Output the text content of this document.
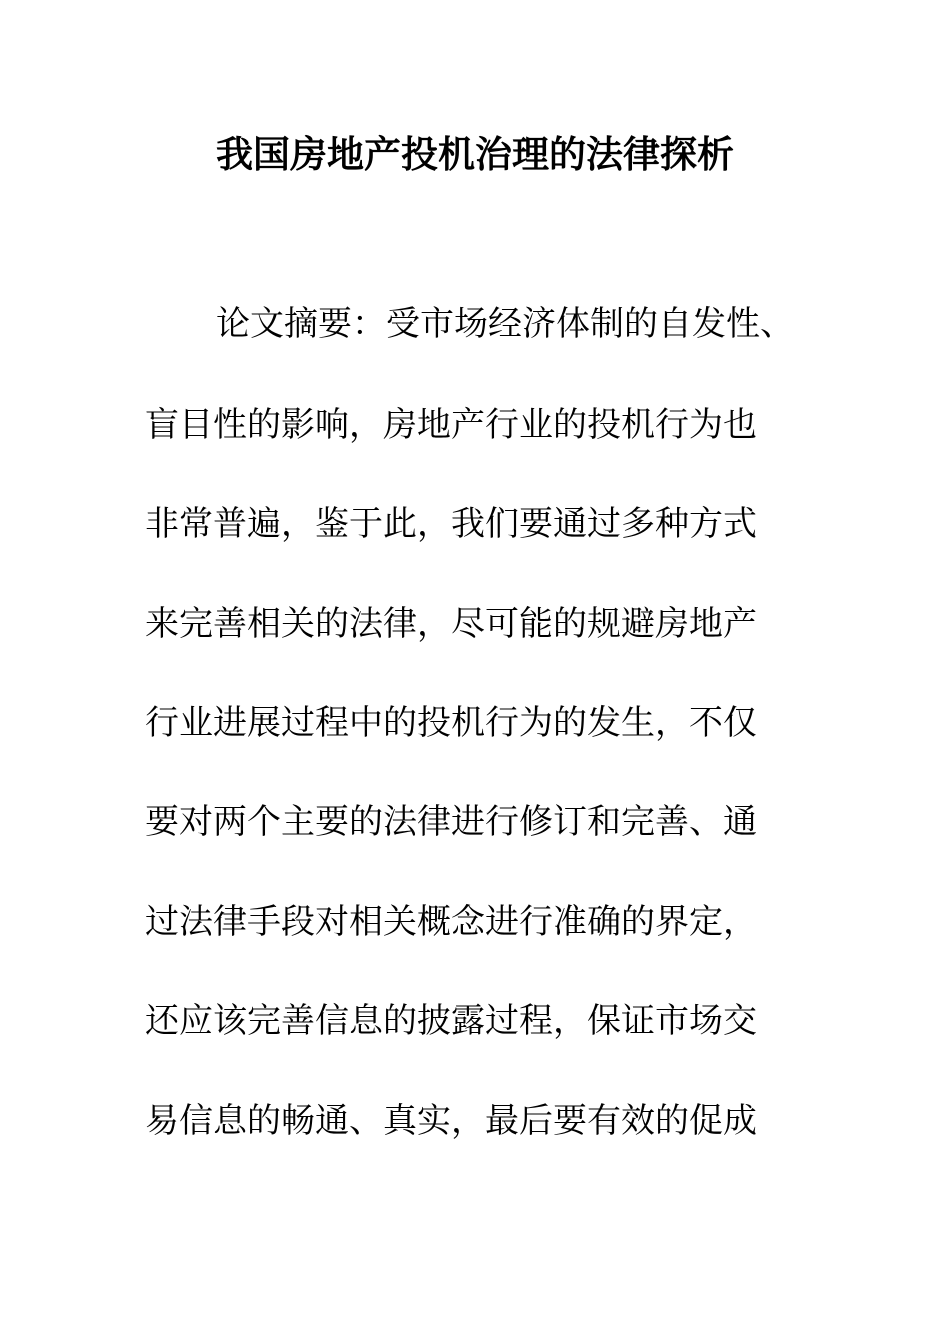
我国房地产投机治理的法律探析

论文摘要：受市场经济体制的自发性、

盲目性的影响，房地产行业的投机行为也

非常普遍，鉴于此，我们要通过多种方式

来完善相关的法律，尽可能的规避房地产

行业进展过程中的投机行为的发生，不仅

要对两个主要的法律进行修订和完善、通

过法律手段对相关概念进行准确的界定，

还应该完善信息的披露过程，保证市场交

易信息的畅通、真实，最后要有效的促成
